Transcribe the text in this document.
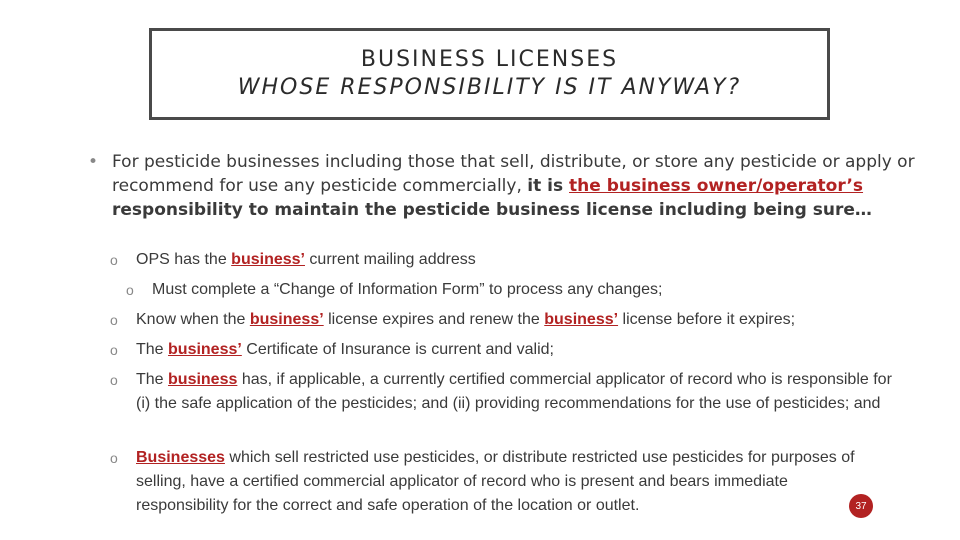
BUSINESS LICENSES
WHOSE RESPONSIBILITY IS IT ANYWAY?
• For pesticide businesses including those that sell, distribute, or store any pesticide or apply or recommend for use any pesticide commercially, it is the business owner/operator’s responsibility to maintain the pesticide business license including being sure…
o OPS has the business’ current mailing address
o Must complete a “Change of Information Form” to process any changes;
o Know when the business’ license expires and renew the business’ license before it expires;
o The business’ Certificate of Insurance is current and valid;
o The business has, if applicable, a currently certified commercial applicator of record who is responsible for (i) the safe application of the pesticides; and (ii) providing recommendations for the use of pesticides; and
o Businesses which sell restricted use pesticides, or distribute restricted use pesticides for purposes of selling, have a certified commercial applicator of record who is present and bears immediate responsibility for the correct and safe operation of the location or outlet.	37
